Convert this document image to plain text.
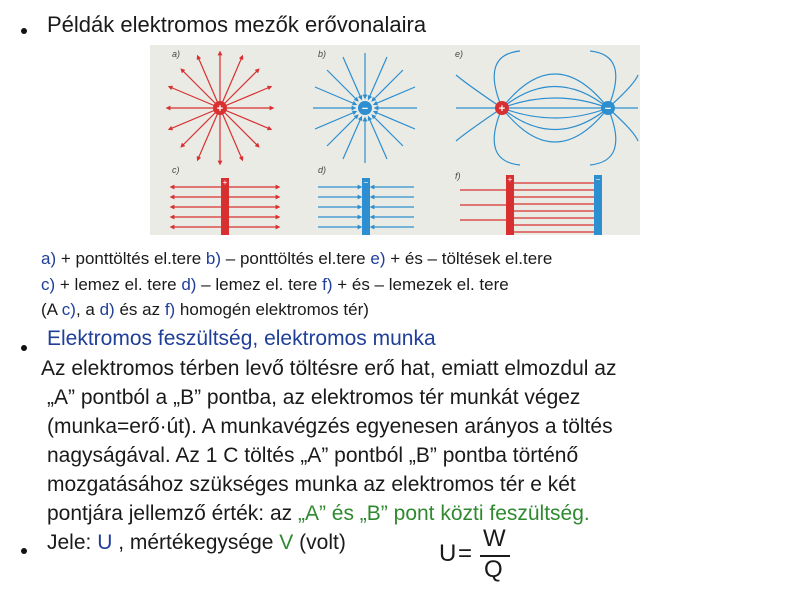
Példák elektromos mezők erővonalaira
a)	b)	e)
c)	d)
f)
+	−	+	−
+	−	+	−
a) + ponttöltés el.tere b) – ponttöltés el.tere e) + és – töltések el.tere
c) + lemez el. tere d) – lemez el. tere f) + és – lemezek el. tere
(A c), a d) és az f) homogén elektromos tér)
Elektromos feszültség, elektromos munka
Az elektromos térben levő töltésre erő hat, emiatt elmozdul az
„A” pontból a „B” pontba, az elektromos tér munkát végez
(munka=erő·út). A munkavégzés egyenesen arányos a töltés
nagyságával. Az 1 C töltés „A” pontból „B” pontba történő
mozgatásához szükséges munka az elektromos tér e két
pontjára jellemző érték: az „A” és „B” pont közti feszültség.
Jele: U , mértékegysége V (volt)	U =
W
Q
